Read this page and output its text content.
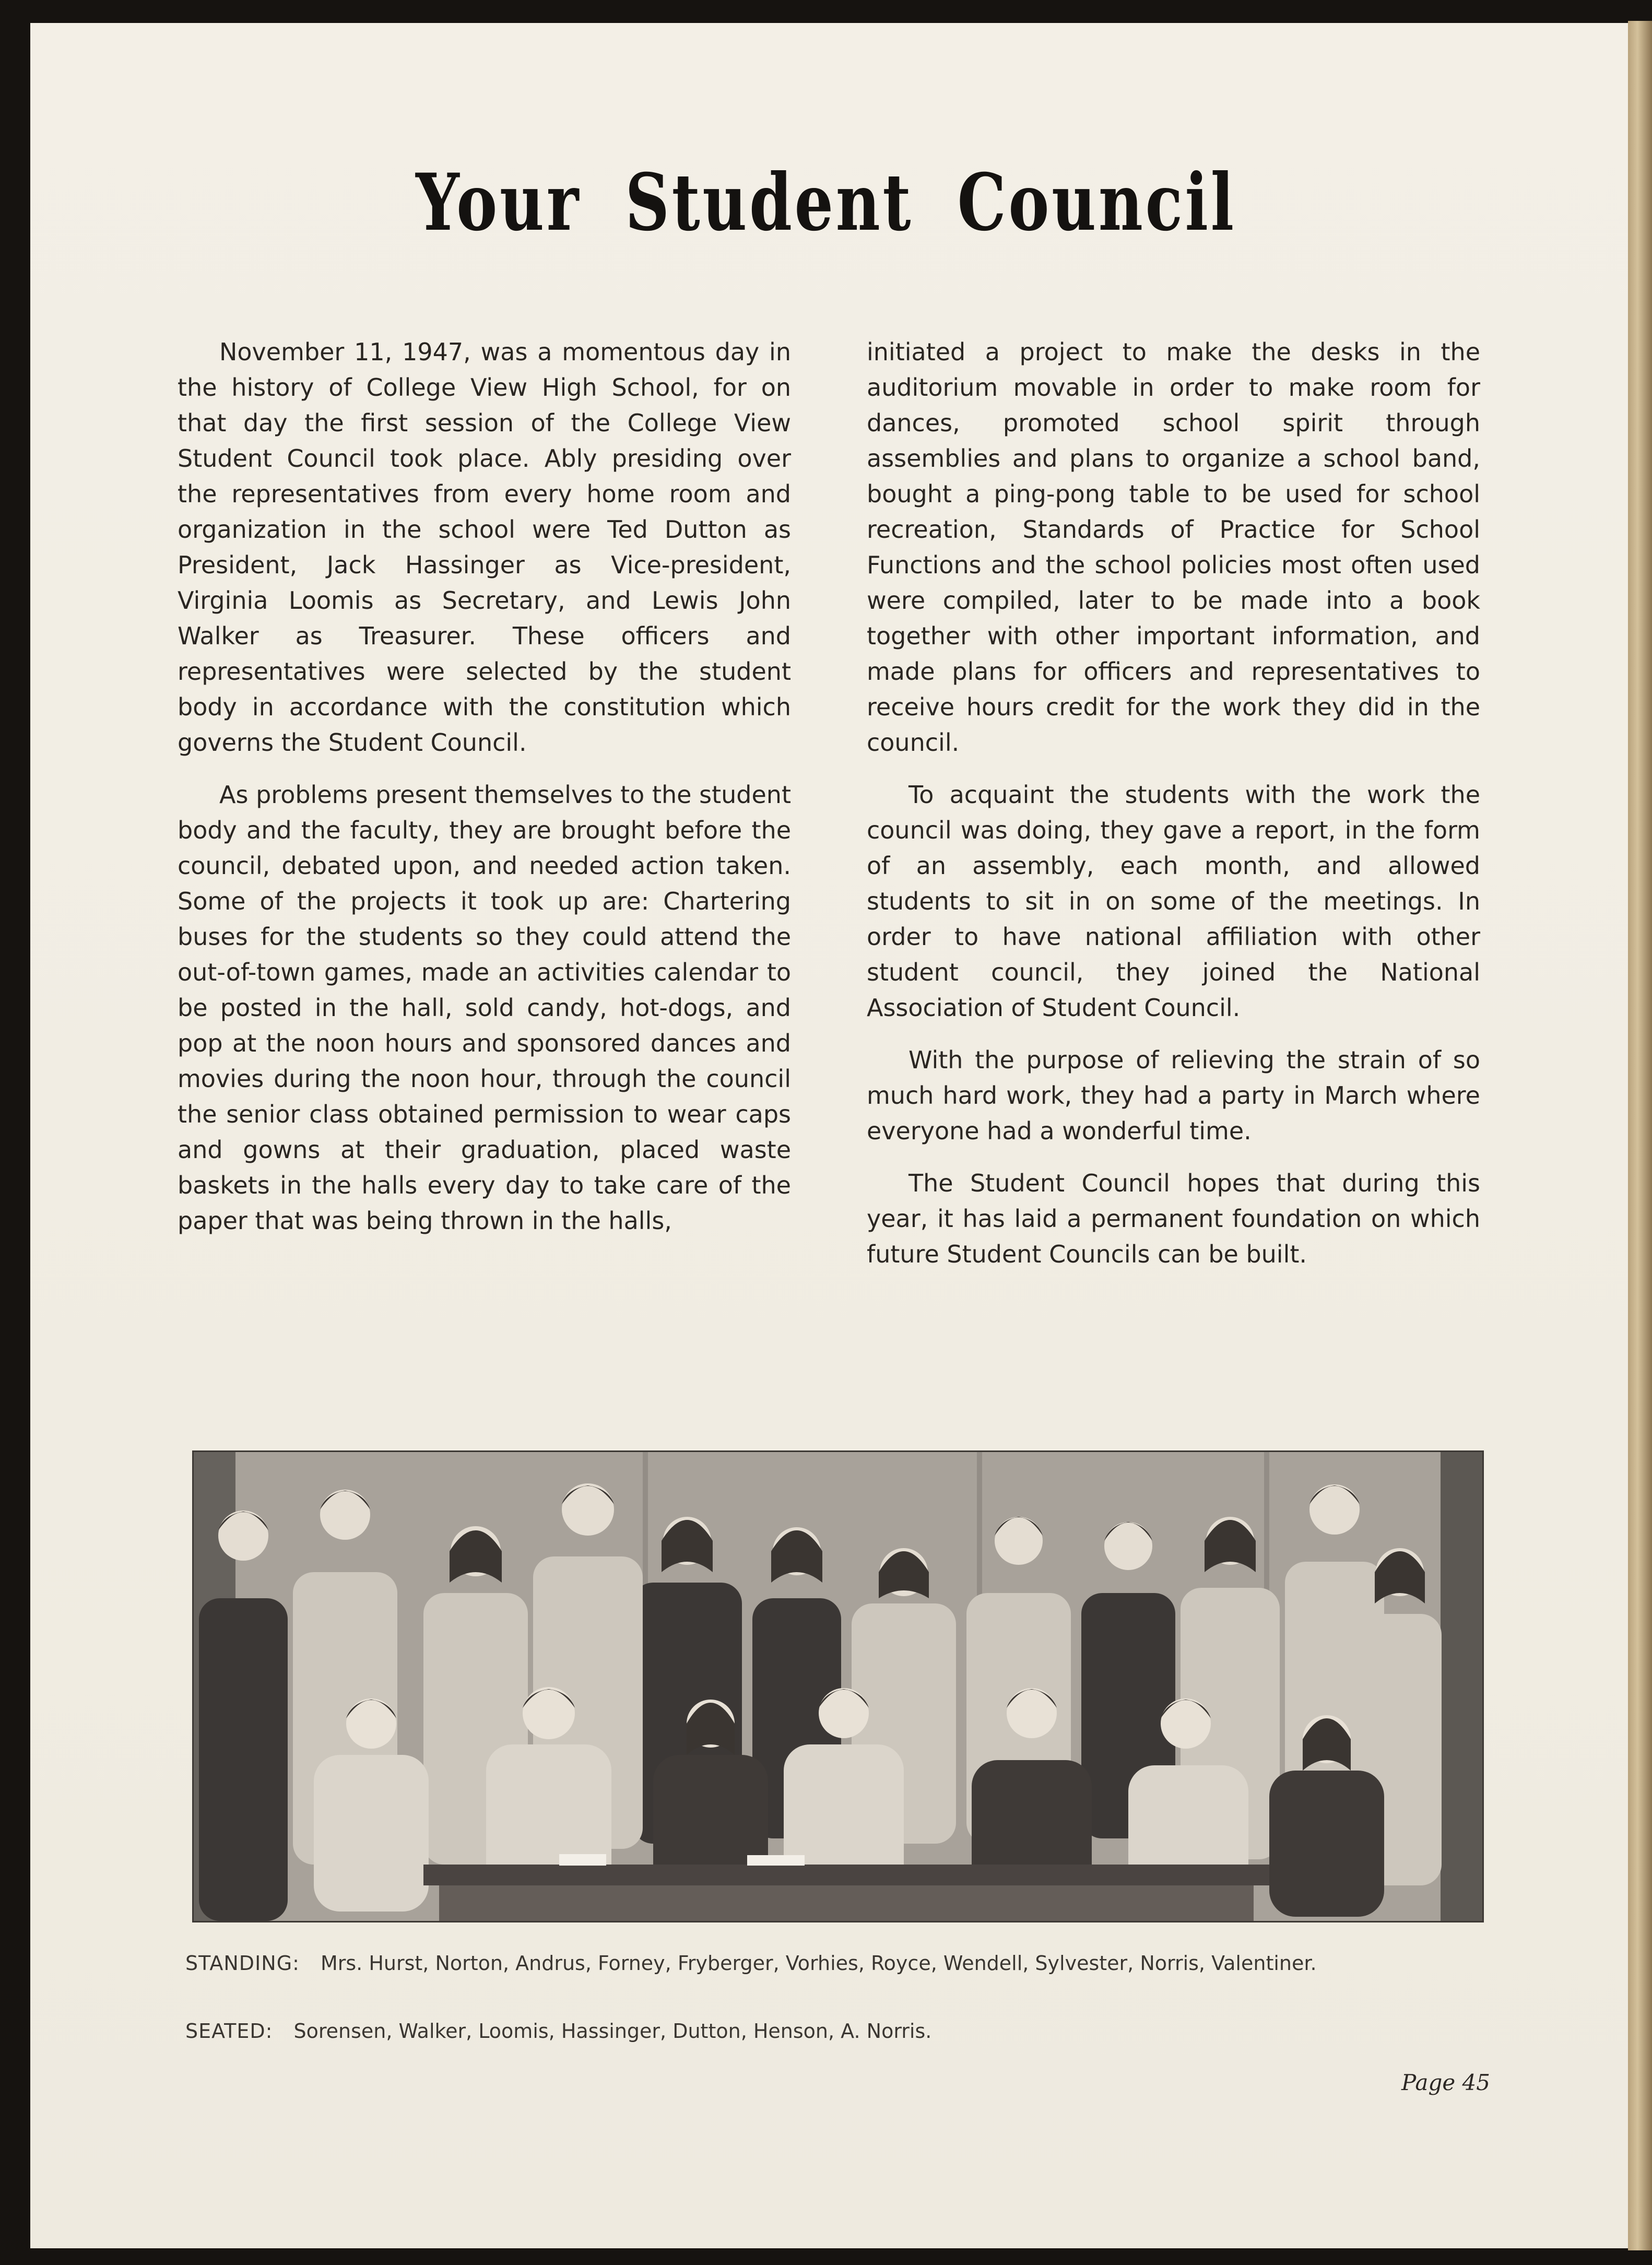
Your Student Council

November 11, 1947, was a momentous day in the history of College View High School, for on that day the first session of the College View Student Council took place. Ably presiding over the representatives from every home room and organization in the school were Ted Dutton as President, Jack Hassinger as Vice-president, Virginia Loomis as Secretary, and Lewis John Walker as Treasurer. These officers and representatives were selected by the student body in accordance with the constitution which governs the Student Council.

As problems present themselves to the student body and the faculty, they are brought before the council, debated upon, and needed action taken. Some of the projects it took up are: Chartering buses for the students so they could attend the out-of-town games, made an activities calendar to be posted in the hall, sold candy, hot-dogs, and pop at the noon hours and sponsored dances and movies during the noon hour, through the council the senior class obtained permission to wear caps and gowns at their graduation, placed waste baskets in the halls every day to take care of the paper that was being thrown in the halls,

initiated a project to make the desks in the auditorium movable in order to make room for dances, promoted school spirit through assemblies and plans to organize a school band, bought a ping-pong table to be used for school recreation, Standards of Practice for School Functions and the school policies most often used were compiled, later to be made into a book together with other important information, and made plans for officers and representatives to receive hours credit for the work they did in the council.

To acquaint the students with the work the council was doing, they gave a report, in the form of an assembly, each month, and allowed students to sit in on some of the meetings. In order to have national affiliation with other student council, they joined the National Association of Student Council.

With the purpose of relieving the strain of so much hard work, they had a party in March where everyone had a wonderful time.

The Student Council hopes that during this year, it has laid a permanent foundation on which future Student Councils can be built.

STANDING: Mrs. Hurst, Norton, Andrus, Forney, Fryberger, Vorhies, Royce, Wendell, Sylvester, Norris, Valentiner.
SEATED: Sorensen, Walker, Loomis, Hassinger, Dutton, Henson, A. Norris.
Page 45
